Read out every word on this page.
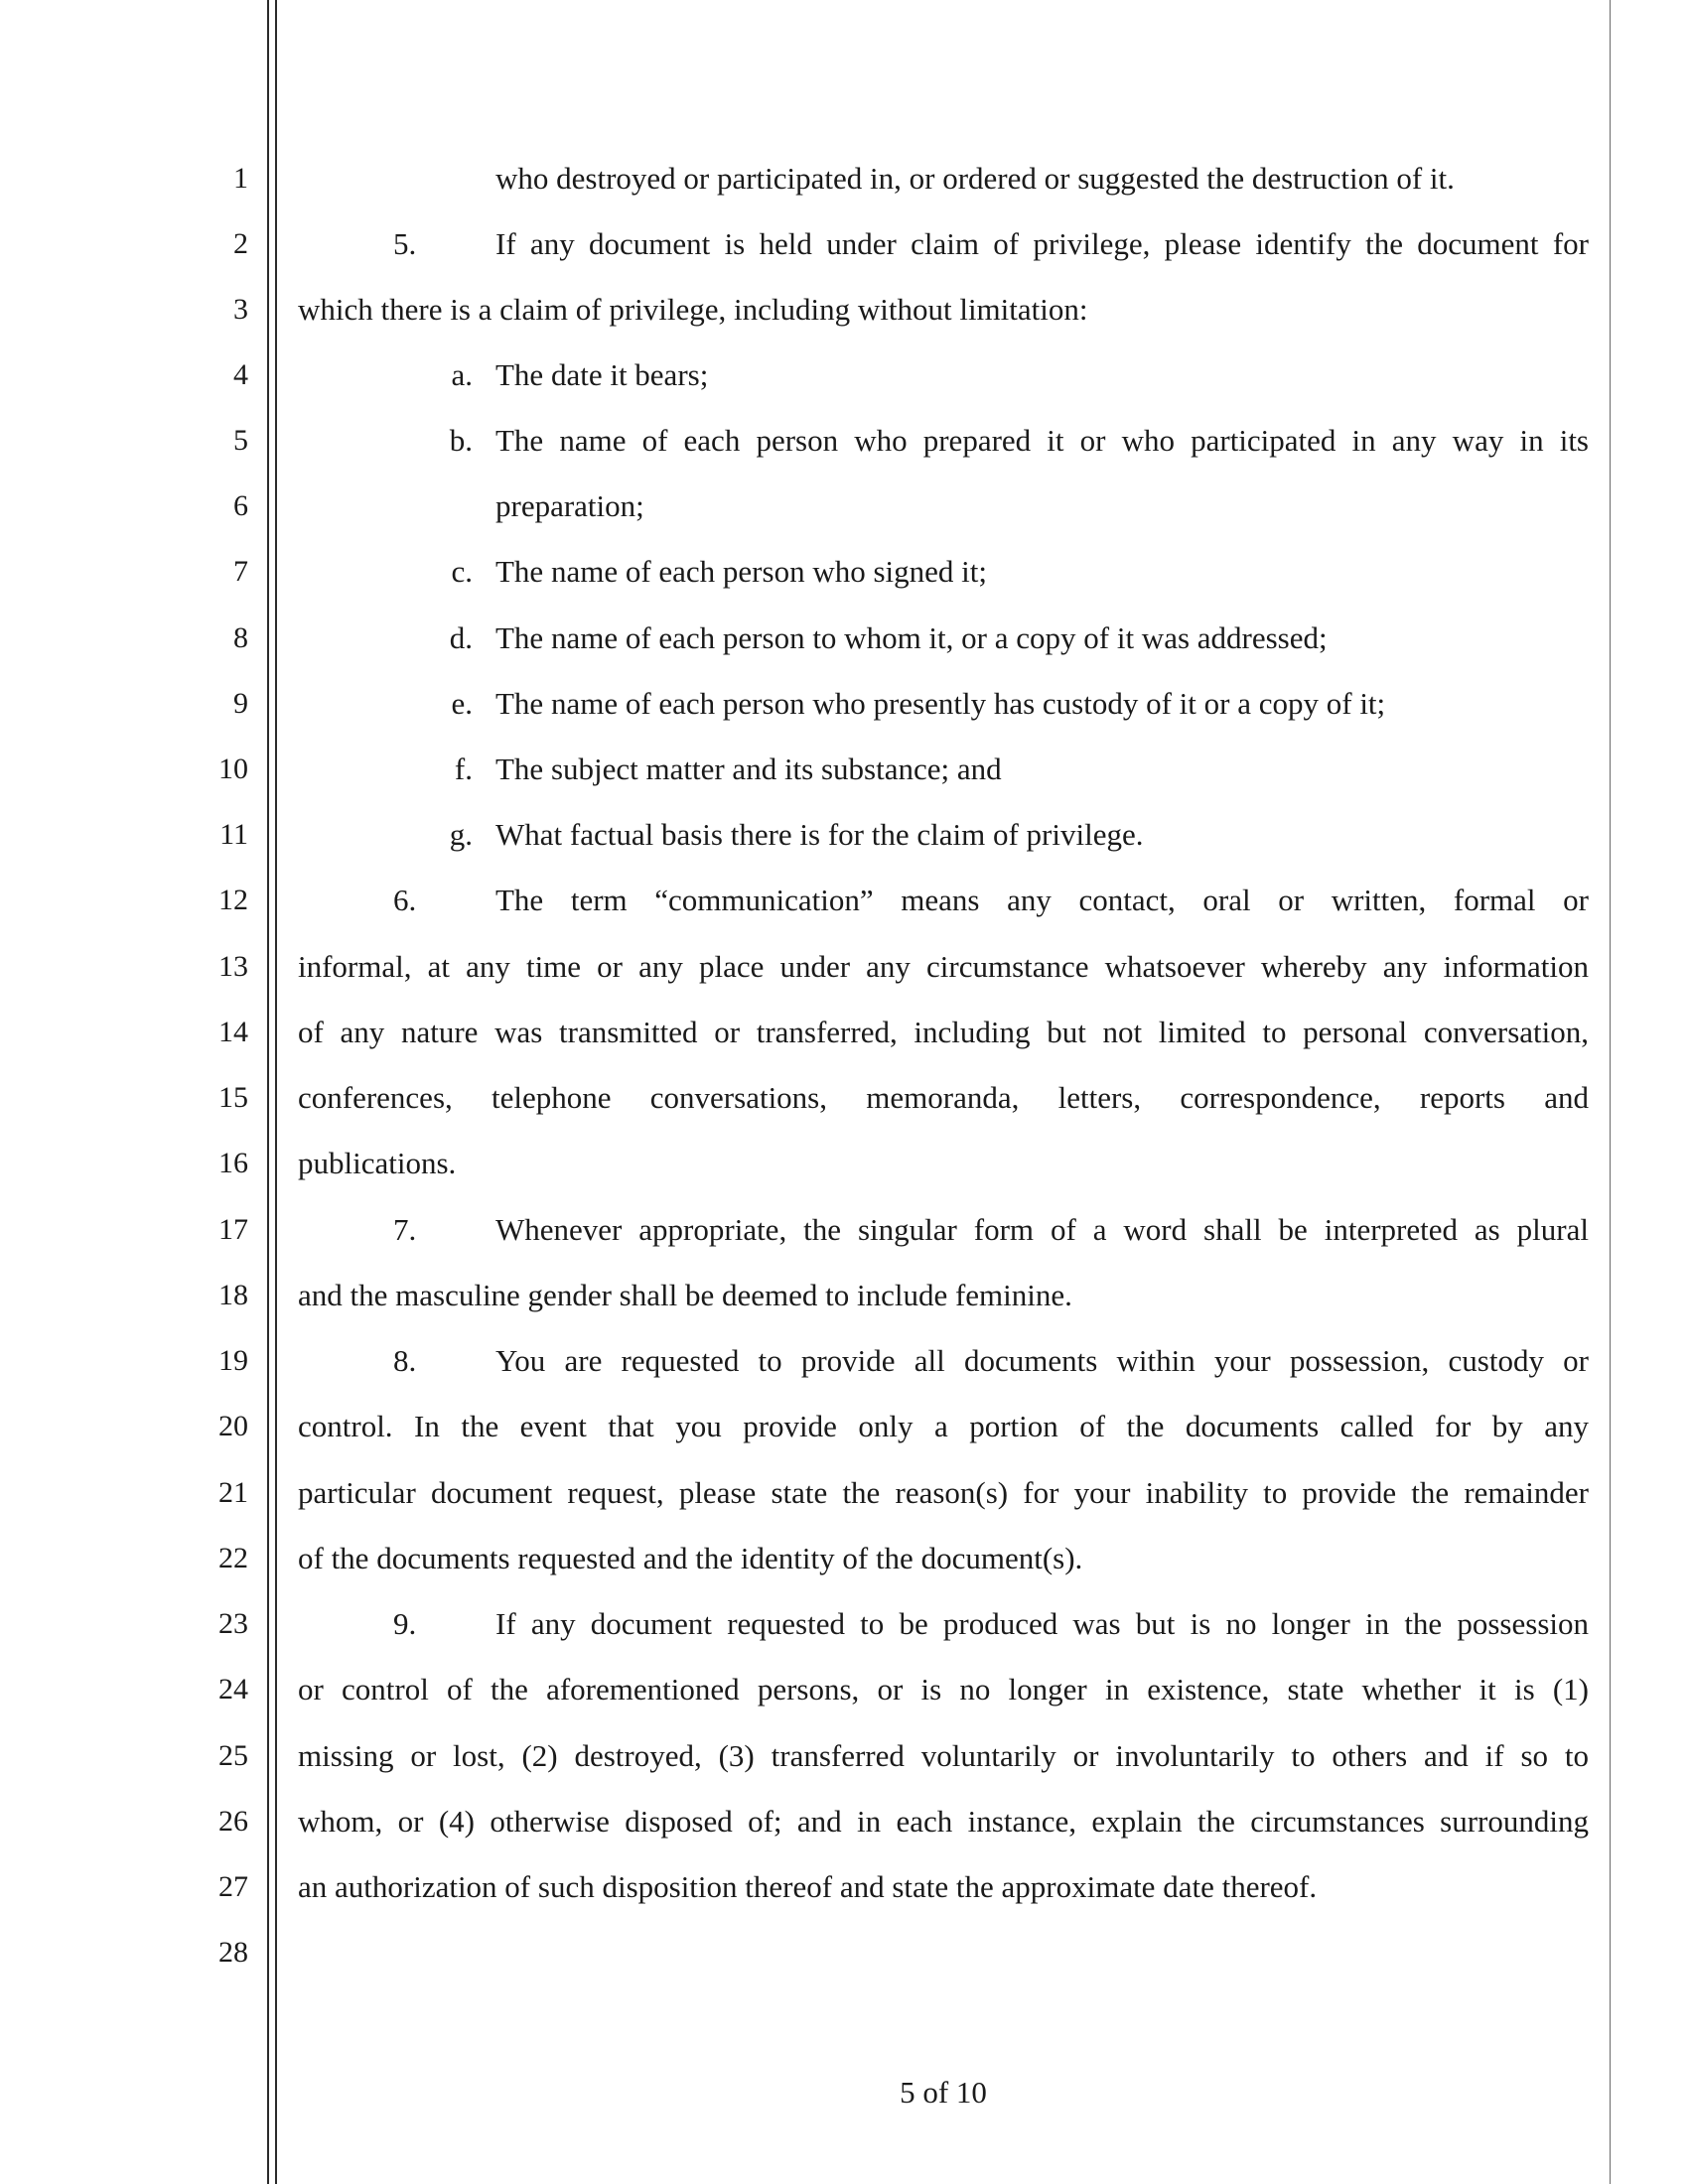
1
2
3
4
5
6
7
8
9
10
11
12
13
14
15
16
17
18
19
20
21
22
23
24
25
26
27
28
who destroyed or participated in, or ordered or suggested the destruction of it.
5.	If any document is held under claim of privilege, please identify the document for
which there is a claim of privilege, including without limitation:
a. The date it bears;
b. The name of each person who prepared it or who participated in any way in its
preparation;
c. The name of each person who signed it;
d. The name of each person to whom it, or a copy of it was addressed;
e. The name of each person who presently has custody of it or a copy of it;
f. The subject matter and its substance; and
g. What factual basis there is for the claim of privilege.
6.	The term “communication” means any contact, oral or written, formal or
informal, at any time or any place under any circumstance whatsoever whereby any information
of any nature was transmitted or transferred, including but not limited to personal conversation,
conferences, telephone conversations, memoranda, letters, correspondence, reports and
publications.
7.	Whenever appropriate, the singular form of a word shall be interpreted as plural
and the masculine gender shall be deemed to include feminine.
8.	You are requested to provide all documents within your possession, custody or
control. In the event that you provide only a portion of the documents called for by any
particular document request, please state the reason(s) for your inability to provide the remainder
of the documents requested and the identity of the document(s).
9.	If any document requested to be produced was but is no longer in the possession
or control of the aforementioned persons, or is no longer in existence, state whether it is (1)
missing or lost, (2) destroyed, (3) transferred voluntarily or involuntarily to others and if so to
whom, or (4) otherwise disposed of; and in each instance, explain the circumstances surrounding
an authorization of such disposition thereof and state the approximate date thereof.
5 of 10
